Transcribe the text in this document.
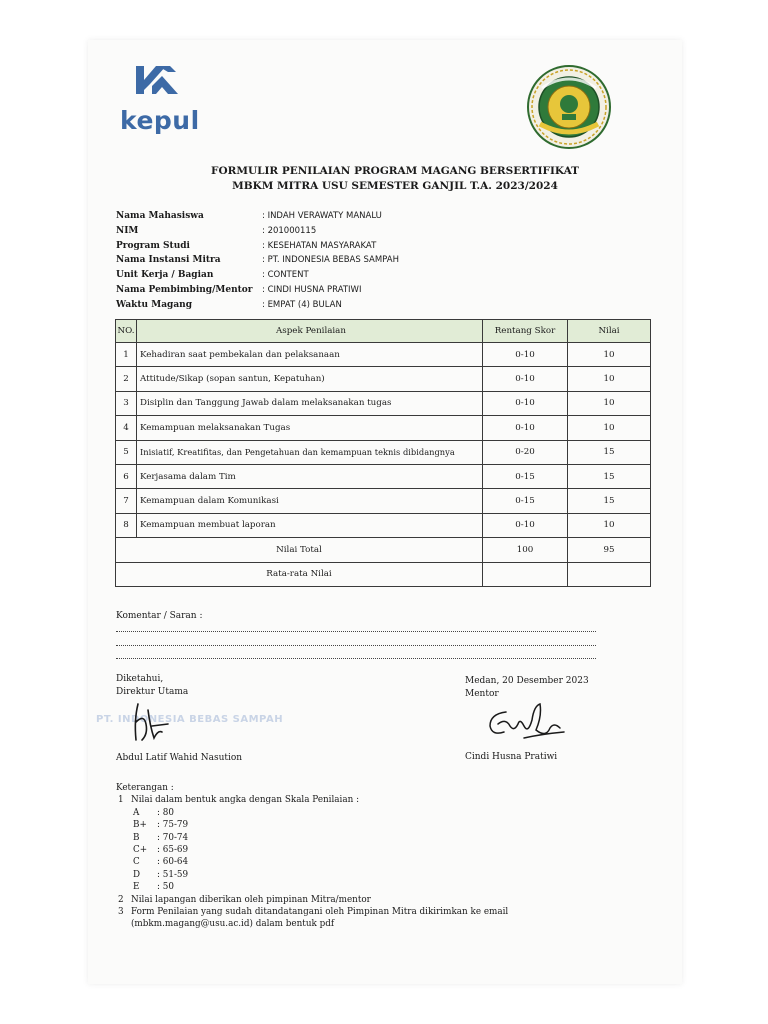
kepul
FORMULIR PENILAIAN PROGRAM MAGANG BERSERTIFIKAT
MBKM MITRA USU SEMESTER GANJIL T.A. 2023/2024
Nama Mahasiswa	: INDAH VERAWATY MANALU
NIM	: 201000115
Program Studi	: KESEHATAN MASYARAKAT
Nama Instansi Mitra	: PT. INDONESIA BEBAS SAMPAH
Unit Kerja / Bagian	: CONTENT
Nama Pembimbing/Mentor : CINDI HUSNA PRATIWI
Waktu Magang	: EMPAT (4) BULAN
NO.	Aspek Penilaian	Rentang Skor	Nilai
1	Kehadiran saat pembekalan dan pelaksanaan	0-10	10
2	Attitude/Sikap (sopan santun, Kepatuhan)	0-10	10
3	Disiplin dan Tanggung Jawab dalam melaksanakan tugas	0-10	10
4	Kemampuan melaksanakan Tugas	0-10	10
5	Inisiatif, Kreatifitas, dan Pengetahuan dan kemampuan teknis dibidangnya	0-20	15
6	Kerjasama dalam Tim	0-15	15
7	Kemampuan dalam Komunikasi	0-15	15
8	Kemampuan membuat laporan	0-10	10
Nilai Total		100	95
Rata-rata Nilai			
Komentar / Saran :
Diketahui,
Direktur Utama
PT. INDONESIA BEBAS SAMPAH
Abdul Latif Wahid Nasution
Medan, 20 Desember 2023
Mentor
Cindi Husna Pratiwi
Keterangan :
1 Nilai dalam bentuk angka dengan Skala Penilaian :
A : 80
B+ : 75-79
B : 70-74
C+ : 65-69
C : 60-64
D : 51-59
E : 50
2 Nilai lapangan diberikan oleh pimpinan Mitra/mentor
3 Form Penilaian yang sudah ditandatangani oleh Pimpinan Mitra dikirimkan ke email
(mbkm.magang@usu.ac.id) dalam bentuk pdf
